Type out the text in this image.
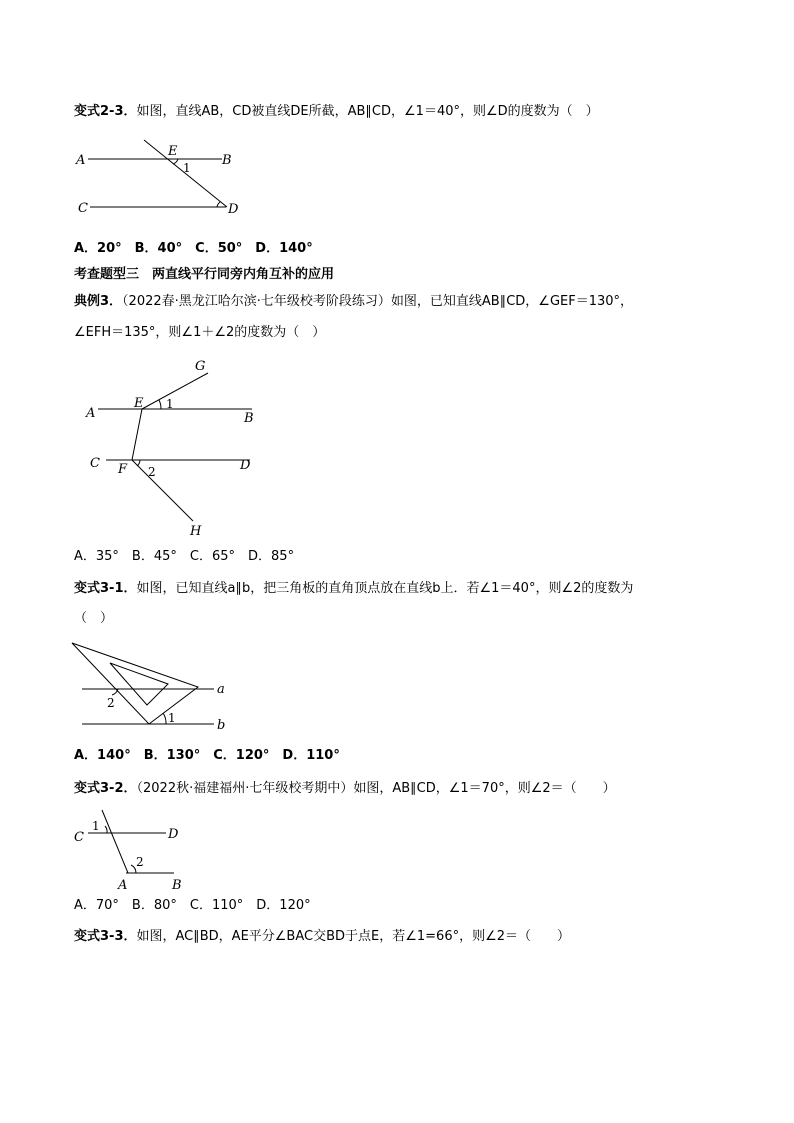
变式2-3．如图，直线AB，CD被直线DE所截，AB∥CD，∠1＝40°，则∠D的度数为（　）
A
E
B
1
C	D
A．20°　B．40°　C．50°　D．140°
考查题型三　两直线平行同旁内角互补的应用
典例3．（2022春·黑龙江哈尔滨·七年级校考阶段练习）如图，已知直线AB∥CD，∠GEF＝130°，
∠EFH＝135°，则∠1＋∠2的度数为（　）
G
A
E 1
B
C F 2	D
H
A．35°　B．45°　C．65°　D．85°
变式3-1．如图，已知直线a∥b，把三角板的直角顶点放在直线b上．若∠1＝40°，则∠2的度数为
（　）
a
2
1	b
A．140°　B．130°　C．120°　D．110°
变式3-2．（2022秋·福建福州·七年级校考期中）如图，AB∥CD，∠1＝70°，则∠2＝（　　）
C
1
D
2
A	B
A．70°　B．80°　C．110°　D．120°
变式3-3．如图，AC∥BD，AE平分∠BAC交BD于点E，若∠1=66°，则∠2＝（　　）
